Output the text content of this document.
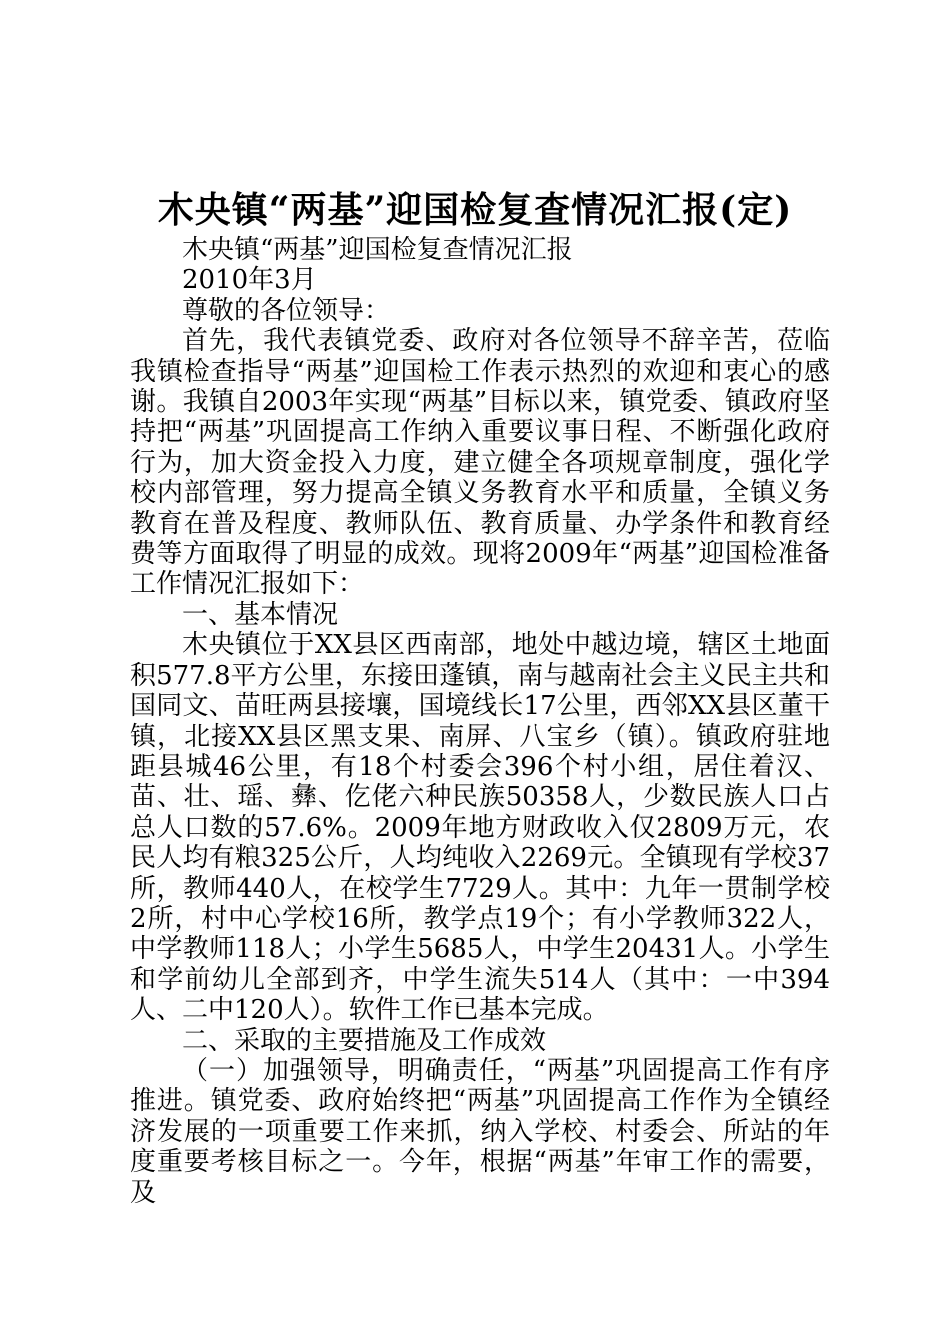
木央镇“两基”迎国检复查情况汇报(定)

木央镇“两基”迎国检复查情况汇报

2010年3月

尊敬的各位领导：

首先，我代表镇党委、政府对各位领导不辞辛苦，莅临我镇检查指导“两基”迎国检工作表示热烈的欢迎和衷心的感谢。我镇自2003年实现“两基”目标以来，镇党委、镇政府坚持把“两基”巩固提高工作纳入重要议事日程、不断强化政府行为，加大资金投入力度，建立健全各项规章制度，强化学校内部管理，努力提高全镇义务教育水平和质量，全镇义务教育在普及程度、教师队伍、教育质量、办学条件和教育经费等方面取得了明显的成效。现将2009年“两基”迎国检准备工作情况汇报如下：

一、基本情况

木央镇位于XX县区西南部，地处中越边境，辖区土地面积577.8平方公里，东接田蓬镇，南与越南社会主义民主共和国同文、苗旺两县接壤，国境线长17公里，西邻XX县区董干镇，北接XX县区黑支果、南屏、八宝乡（镇）。镇政府驻地距县城46公里，有18个村委会396个村小组，居住着汉、苗、壮、瑶、彝、仡佬六种民族50358人，少数民族人口占总人口数的57.6%。2009年地方财政收入仅2809万元，农民人均有粮325公斤，人均纯收入2269元。全镇现有学校37所，教师440人，在校学生7729人。其中：九年一贯制学校2所，村中心学校16所，教学点19个；有小学教师322人，中学教师118人；小学生5685人，中学生20431人。小学生和学前幼儿全部到齐，中学生流失514人（其中：一中394人、二中120人）。软件工作已基本完成。

二、采取的主要措施及工作成效

（一）加强领导，明确责任，“两基”巩固提高工作有序推进。镇党委、政府始终把“两基”巩固提高工作作为全镇经济发展的一项重要工作来抓，纳入学校、村委会、所站的年度重要考核目标之一。今年，根据“两基”年审工作的需要，及
